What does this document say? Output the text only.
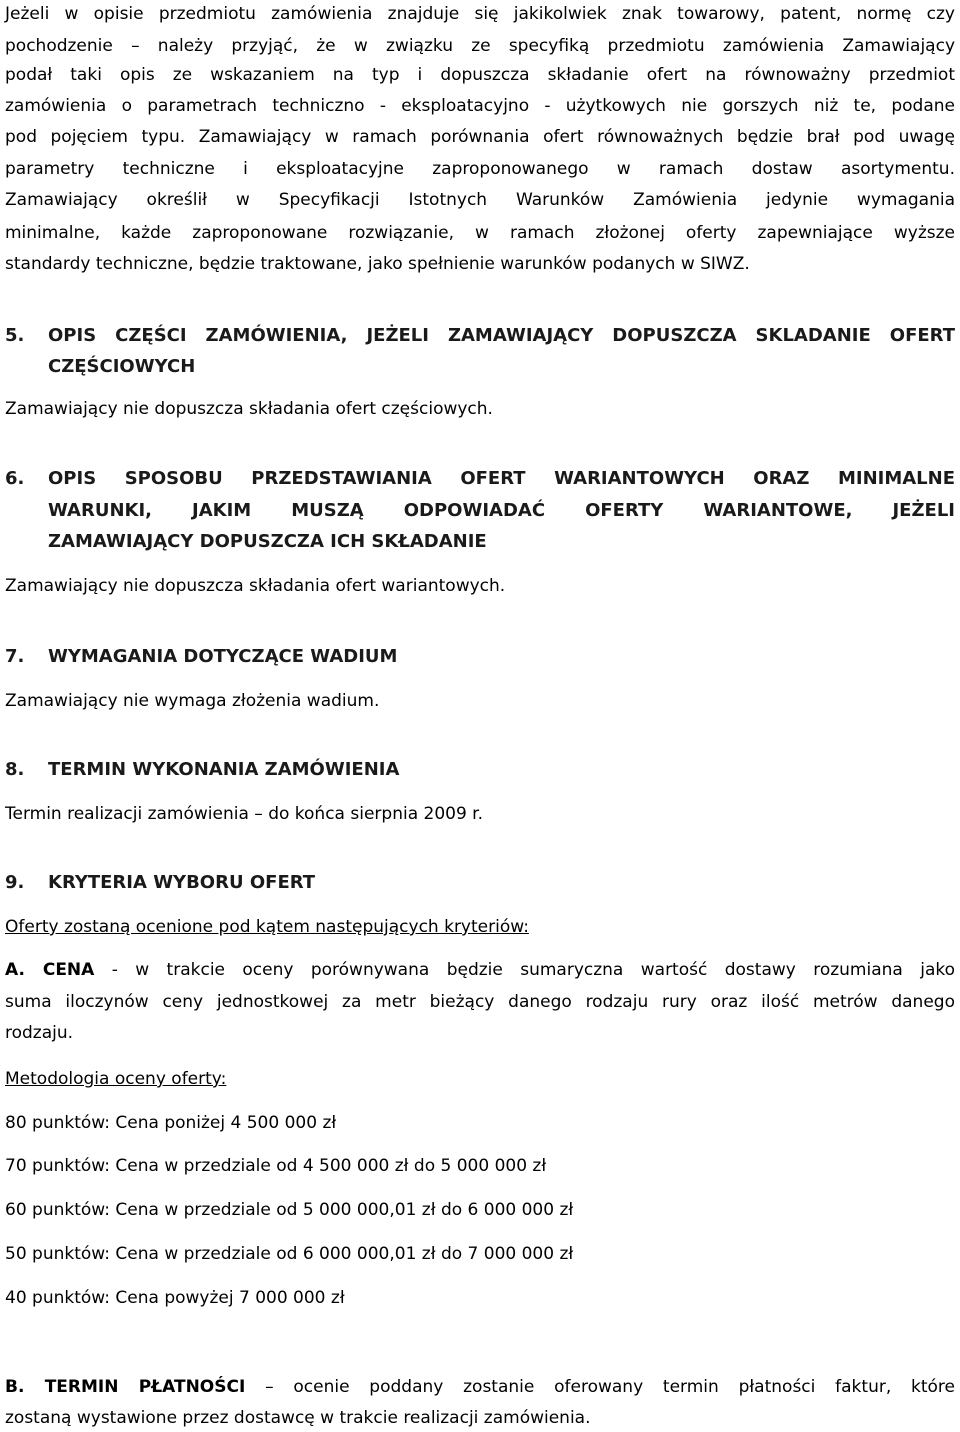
Jeżeli w opisie przedmiotu zamówienia znajduje się jakikolwiek znak towarowy, patent, normę czy
pochodzenie – należy przyjąć, że w związku ze specyfiką przedmiotu zamówienia Zamawiający
podał taki opis ze wskazaniem na typ i dopuszcza składanie ofert na równoważny przedmiot
zamówienia o parametrach techniczno - eksploatacyjno - użytkowych nie gorszych niż te, podane
pod pojęciem typu. Zamawiający w ramach porównania ofert równoważnych będzie brał pod uwagę
parametry techniczne i eksploatacyjne zaproponowanego w ramach dostaw asortymentu.
Zamawiający określił w Specyfikacji Istotnych Warunków Zamówienia jedynie wymagania
minimalne, każde zaproponowane rozwiązanie, w ramach złożonej oferty zapewniające wyższe
standardy techniczne, będzie traktowane, jako spełnienie warunków podanych w SIWZ.
5. OPIS CZĘŚCI ZAMÓWIENIA, JEŻELI ZAMAWIAJĄCY DOPUSZCZA SKLADANIE OFERT
CZĘŚCIOWYCH
Zamawiający nie dopuszcza składania ofert częściowych.
6. OPIS SPOSOBU PRZEDSTAWIANIA OFERT WARIANTOWYCH ORAZ MINIMALNE
WARUNKI, JAKIM MUSZĄ ODPOWIADAĆ OFERTY WARIANTOWE, JEŻELI
ZAMAWIAJĄCY DOPUSZCZA ICH SKŁADANIE
Zamawiający nie dopuszcza składania ofert wariantowych.
7. WYMAGANIA DOTYCZĄCE WADIUM
Zamawiający nie wymaga złożenia wadium.
8. TERMIN WYKONANIA ZAMÓWIENIA
Termin realizacji zamówienia – do końca sierpnia 2009 r.
9. KRYTERIA WYBORU OFERT
Oferty zostaną ocenione pod kątem następujących kryteriów:
A. CENA - w trakcie oceny porównywana będzie sumaryczna wartość dostawy rozumiana jako
suma iloczynów ceny jednostkowej za metr bieżący danego rodzaju rury oraz ilość metrów danego
rodzaju.
Metodologia oceny oferty:
80 punktów: Cena poniżej 4 500 000 zł
70 punktów: Cena w przedziale od 4 500 000 zł do 5 000 000 zł
60 punktów: Cena w przedziale od 5 000 000,01 zł do 6 000 000 zł
50 punktów: Cena w przedziale od 6 000 000,01 zł do 7 000 000 zł
40 punktów: Cena powyżej 7 000 000 zł
B. TERMIN PŁATNOŚCI – ocenie poddany zostanie oferowany termin płatności faktur, które
zostaną wystawione przez dostawcę w trakcie realizacji zamówienia.
